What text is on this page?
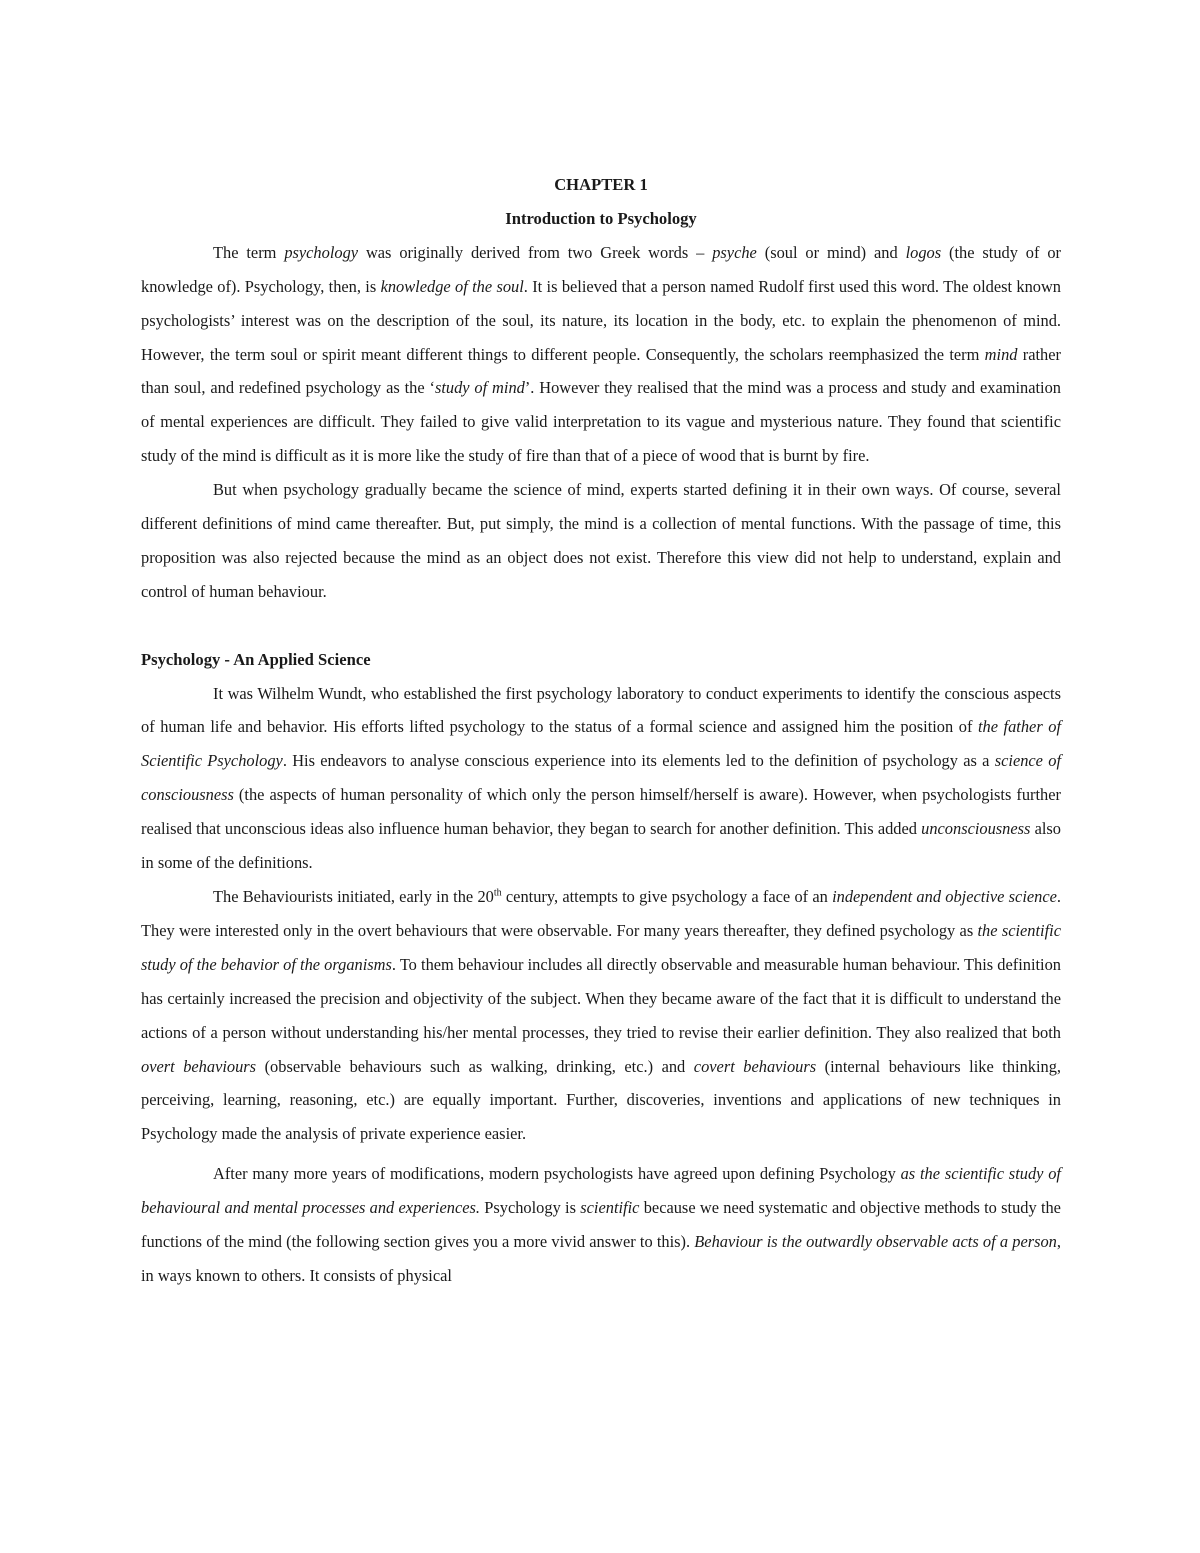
CHAPTER 1
Introduction to Psychology

The term psychology was originally derived from two Greek words – psyche (soul or mind) and logos (the study of or knowledge of). Psychology, then, is knowledge of the soul. It is believed that a person named Rudolf first used this word. The oldest known psychologists’ interest was on the description of the soul, its nature, its location in the body, etc. to explain the phenomenon of mind. However, the term soul or spirit meant different things to different people. Consequently, the scholars reemphasized the term mind rather than soul, and redefined psychology as the ‘study of mind’. However they realised that the mind was a process and study and examination of mental experiences are difficult. They failed to give valid interpretation to its vague and mysterious nature. They found that scientific study of the mind is difficult as it is more like the study of fire than that of a piece of wood that is burnt by fire.

But when psychology gradually became the science of mind, experts started defining it in their own ways. Of course, several different definitions of mind came thereafter. But, put simply, the mind is a collection of mental functions. With the passage of time, this proposition was also rejected because the mind as an object does not exist. Therefore this view did not help to understand, explain and control of human behaviour.

Psychology - An Applied Science

It was Wilhelm Wundt, who established the first psychology laboratory to conduct experiments to identify the conscious aspects of human life and behavior. His efforts lifted psychology to the status of a formal science and assigned him the position of the father of Scientific Psychology. His endeavors to analyse conscious experience into its elements led to the definition of psychology as a science of consciousness (the aspects of human personality of which only the person himself/herself is aware). However, when psychologists further realised that unconscious ideas also influence human behavior, they began to search for another definition. This added unconsciousness also in some of the definitions.

The Behaviourists initiated, early in the 20th century, attempts to give psychology a face of an independent and objective science. They were interested only in the overt behaviours that were observable. For many years thereafter, they defined psychology as the scientific study of the behavior of the organisms. To them behaviour includes all directly observable and measurable human behaviour. This definition has certainly increased the precision and objectivity of the subject. When they became aware of the fact that it is difficult to understand the actions of a person without understanding his/her mental processes, they tried to revise their earlier definition. They also realized that both overt behaviours (observable behaviours such as walking, drinking, etc.) and covert behaviours (internal behaviours like thinking, perceiving, learning, reasoning, etc.) are equally important. Further, discoveries, inventions and applications of new techniques in Psychology made the analysis of private experience easier.

After many more years of modifications, modern psychologists have agreed upon defining Psychology as the scientific study of behavioural and mental processes and experiences. Psychology is scientific because we need systematic and objective methods to study the functions of the mind (the following section gives you a more vivid answer to this). Behaviour is the outwardly observable acts of a person, in ways known to others. It consists of physical
